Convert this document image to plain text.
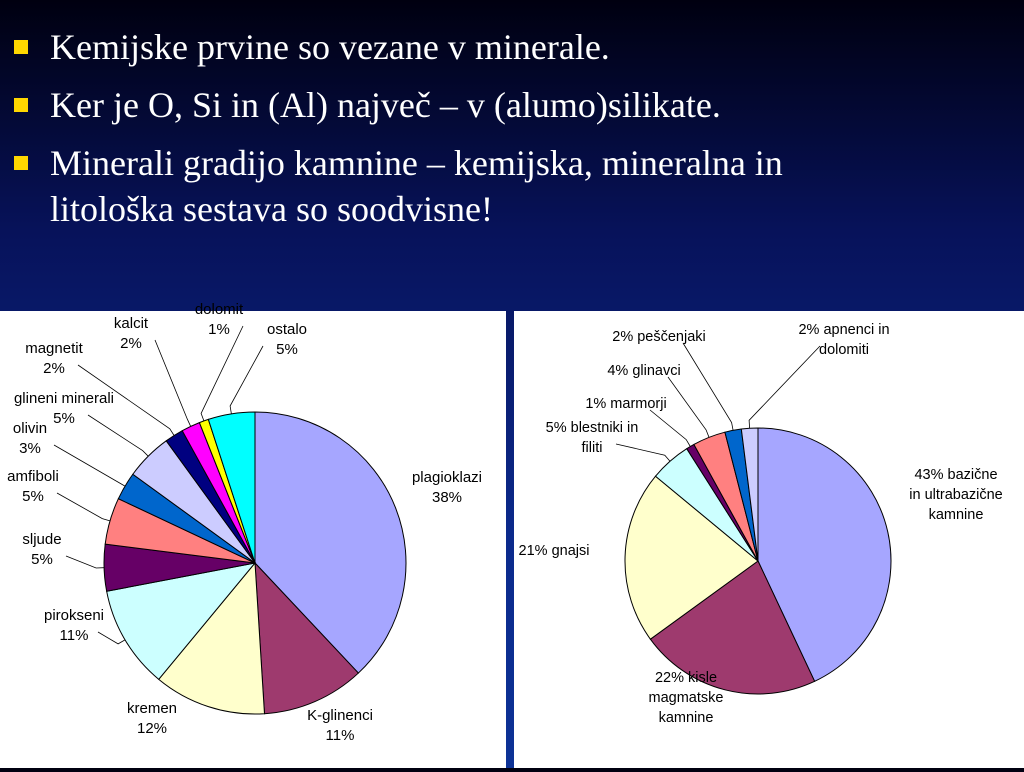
Kemijske prvine so vezane v minerale.
Ker je O, Si in (Al) največ – v (alumo)silikate.
Minerali gradijo kamnine – kemijska, mineralna in
litološka sestava so soodvisne!
plagioklazi 38%
K-glinenci 11%
kremen 12%
pirokseni 11%
sljude 5%
amfiboli 5%
olivin 3%
glineni minerali 5%
magnetit 2%
kalcit 2%
dolomit 1%	ostalo 5%
43% bazične in ultrabazične kamnine
22% kisle magmatske kamnine
21% gnajsi
5% blestniki in filiti
1% marmorji
4% glinavci
2% peščenjaki	2% apnenci in dolomiti
